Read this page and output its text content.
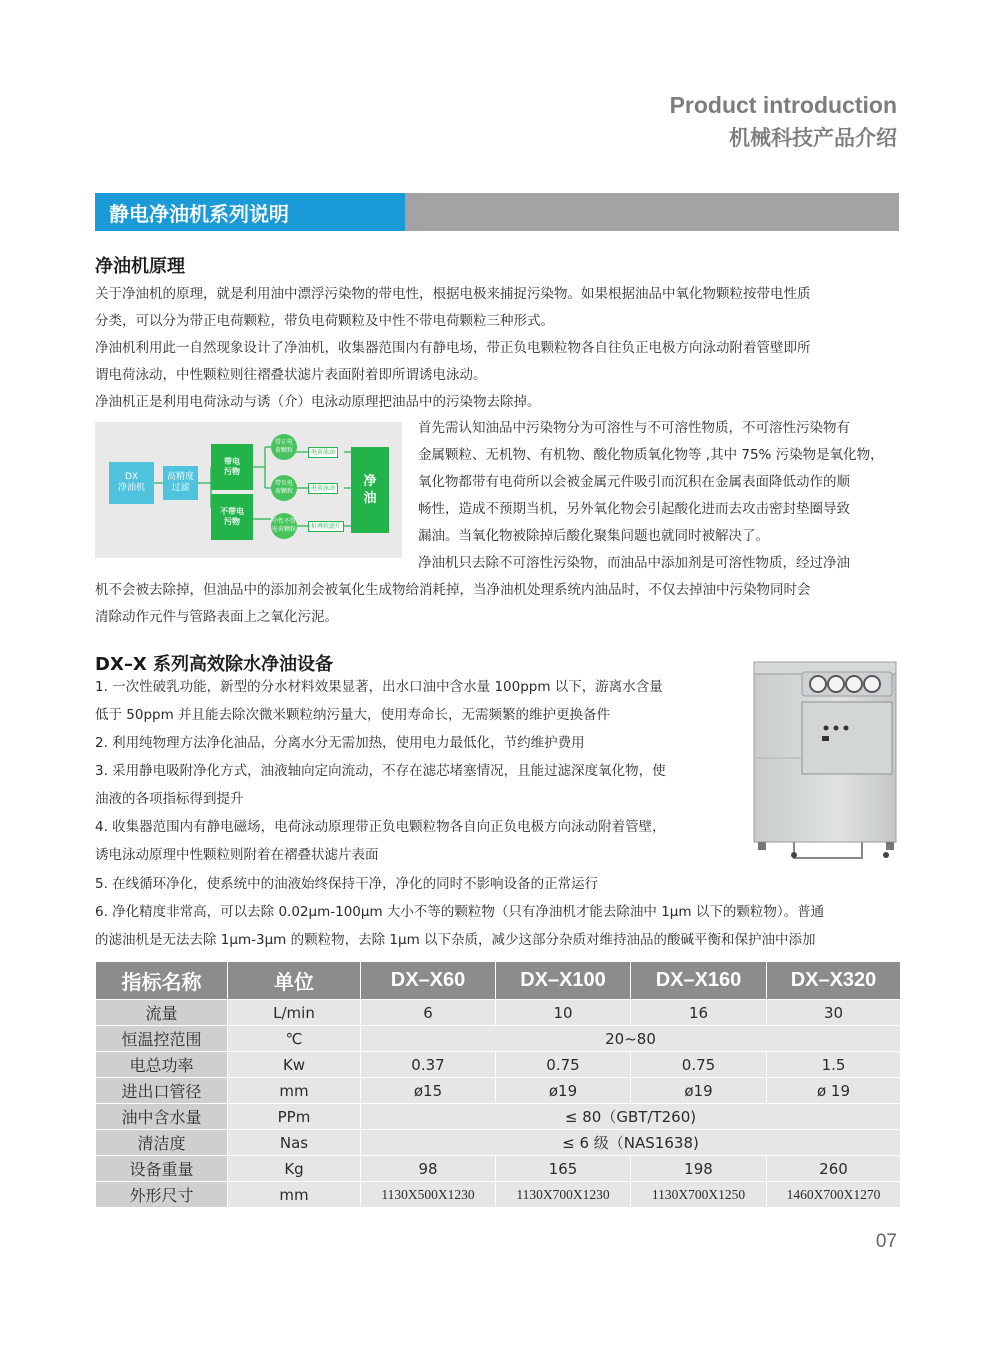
Product introduction
机械科技产品介绍
静电净油机系列说明
净油机原理
关于净油机的原理，就是利用油中漂浮污染物的带电性，根据电极来捕捉污染物。如果根据油品中氧化物颗粒按带电性质
分类，可以分为带正电荷颗粒，带负电荷颗粒及中性不带电荷颗粒三种形式。
净油机利用此一自然现象设计了净油机，收集器范围内有静电场，带正负电颗粒物各自往负正电极方向泳动附着管壁即所
谓电荷泳动，中性颗粒则往褶叠状滤片表面附着即所谓诱电泳动。
净油机正是利用电荷泳动与诱（介）电泳动原理把油品中的污染物去除掉。
DX
净油机
高精度
过滤
带电
污物
不带电
污物
带正电
荷颗粒
带负电
荷颗粒
中性不带
电荷颗粒
电荷泳动
电荷泳动
折叠状滤片
净
油
首先需认知油品中污染物分为可溶性与不可溶性物质，不可溶性污染物有
金属颗粒、无机物、有机物、酸化物质氧化物等 ,其中 75% 污染物是氧化物，
氧化物都带有电荷所以会被金属元件吸引而沉积在金属表面降低动作的顺
畅性，造成不预期当机，另外氧化物会引起酸化进而去攻击密封垫圈导致
漏油。当氧化物被除掉后酸化聚集问题也就同时被解决了。
净油机只去除不可溶性污染物，而油品中添加剂是可溶性物质，经过净油
机不会被去除掉，但油品中的添加剂会被氧化生成物给消耗掉，当净油机处理系统内油品时，不仅去掉油中污染物同时会
清除动作元件与管路表面上之氧化污泥。
DX–X 系列高效除水净油设备
1. 一次性破乳功能，新型的分水材料效果显著，出水口油中含水量 100ppm 以下，游离水含量
低于 50ppm 并且能去除次微米颗粒纳污量大，使用寿命长，无需频繁的维护更换备件
2. 利用纯物理方法净化油品，分离水分无需加热，使用电力最低化，节约维护费用
3. 采用静电吸附净化方式，油液轴向定向流动，不存在滤芯堵塞情况，且能过滤深度氧化物，使
油液的各项指标得到提升
4. 收集器范围内有静电磁场，电荷泳动原理带正负电颗粒物各自向正负电极方向泳动附着管壁，
诱电泳动原理中性颗粒则附着在褶叠状滤片表面
5. 在线循环净化，使系统中的油液始终保持干净，净化的同时不影响设备的正常运行
6. 净化精度非常高，可以去除 0.02μm-100μm 大小不等的颗粒物（只有净油机才能去除油中 1μm 以下的颗粒物）。普通
的滤油机是无法去除 1μm-3μm 的颗粒物，去除 1μm 以下杂质，减少这部分杂质对维持油品的酸碱平衡和保护油中添加
指标名称	单位	DX–X60	DX–X100	DX–X160	DX–X320
流量	L/min	6	10	16	30
恒温控范围	℃	20~80			
电总功率	Kw	0.37	0.75	0.75	1.5
进出口管径	mm	ø15	ø19	ø19	ø 19
油中含水量	PPm	≤ 80（GBT/T260)			
清洁度	Nas	≤ 6 级（NAS1638)			
设备重量	Kg	98	165	198	260
外形尺寸	mm	1130X500X1230	1130X700X1230	1130X700X1250	1460X700X1270
07
